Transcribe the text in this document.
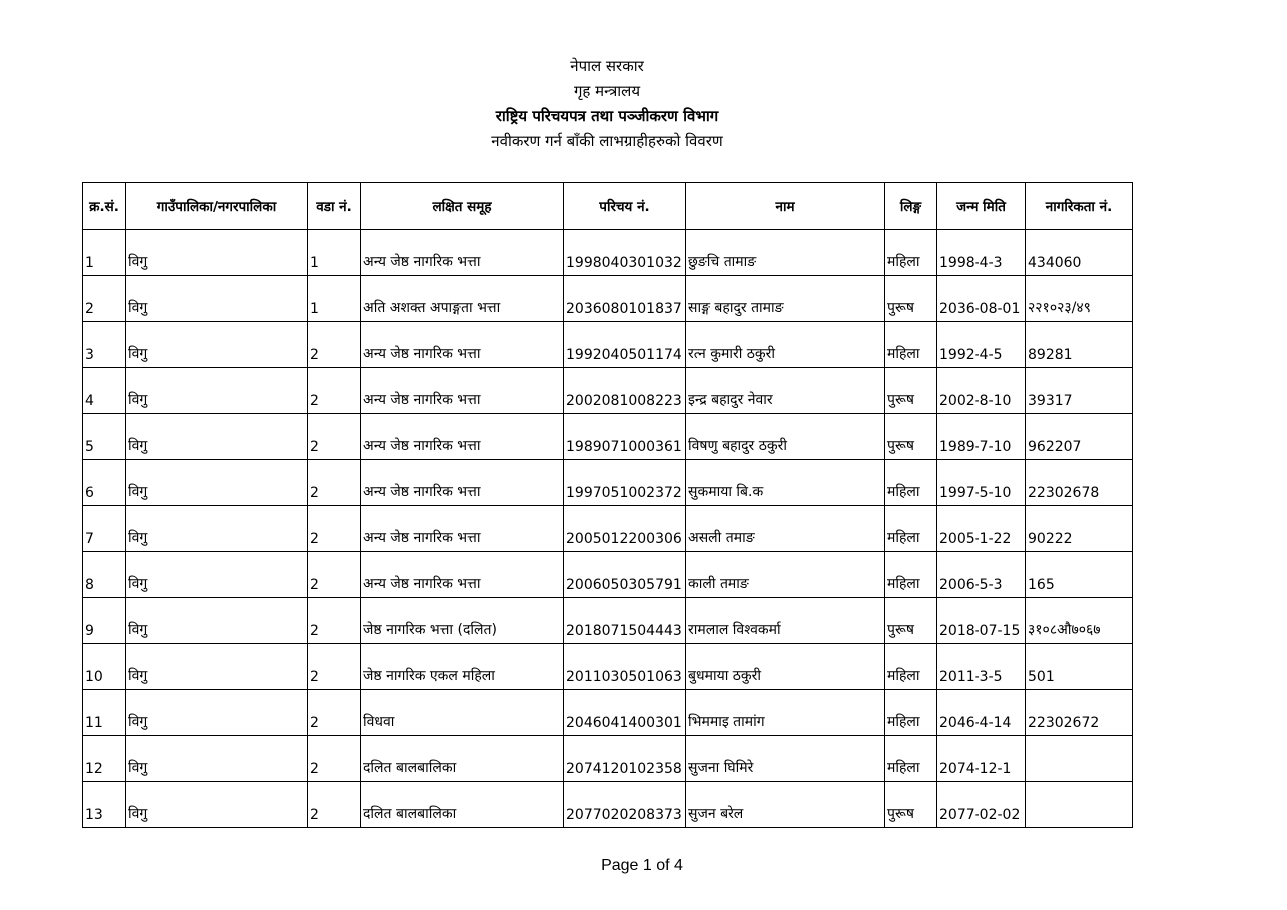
नेपाल सरकार
गृह मन्त्रालय
राष्ट्रिय परिचयपत्र तथा पञ्जीकरण विभाग
नवीकरण गर्न बाँकी लाभग्राहीहरुको विवरण
क्र.सं.	गाउँपालिका/नगरपालिका	वडा नं.	लक्षित समूह	परिचय नं.	नाम	लिङ्ग	जन्म मिति	नागरिकता नं.
1	विगु	1	अन्य जेष्ठ नागरिक भत्ता	1998040301032	छुङचि तामाङ	महिला	1998-4-3	434060
2	विगु	1	अति अशक्त अपाङ्गता भत्ता	2036080101837	साङ्ग बहादुर तामाङ	पुरूष	2036-08-01	२२१०२३/४९
3	विगु	2	अन्य जेष्ठ नागरिक भत्ता	1992040501174	रत्न कुमारी ठकुरी	महिला	1992-4-5	89281
4	विगु	2	अन्य जेष्ठ नागरिक भत्ता	2002081008223	इन्द्र बहादुर नेवार	पुरूष	2002-8-10	39317
5	विगु	2	अन्य जेष्ठ नागरिक भत्ता	1989071000361	विषणु बहादुर ठकुरी	पुरूष	1989-7-10	962207
6	विगु	2	अन्य जेष्ठ नागरिक भत्ता	1997051002372	सुकमाया बि.क	महिला	1997-5-10	22302678
7	विगु	2	अन्य जेष्ठ नागरिक भत्ता	2005012200306	असली तमाङ	महिला	2005-1-22	90222
8	विगु	2	अन्य जेष्ठ नागरिक भत्ता	2006050305791	काली तमाङ	महिला	2006-5-3	165
9	विगु	2	जेष्ठ नागरिक भत्ता (दलित)	2018071504443	रामलाल विश्वकर्मा	पुरूष	2018-07-15	३१०८औ७०६७
10	विगु	2	जेष्ठ नागरिक एकल महिला	2011030501063	बुधमाया ठकुरी	महिला	2011-3-5	501
11	विगु	2	विधवा	2046041400301	भिममाइ तामांग	महिला	2046-4-14	22302672
12	विगु	2	दलित बालबालिका	2074120102358	सुजना घिमिरे	महिला	2074-12-1	
13	विगु	2	दलित बालबालिका	2077020208373	सुजन बरेल	पुरूष	2077-02-02	
Page 1 of 4
